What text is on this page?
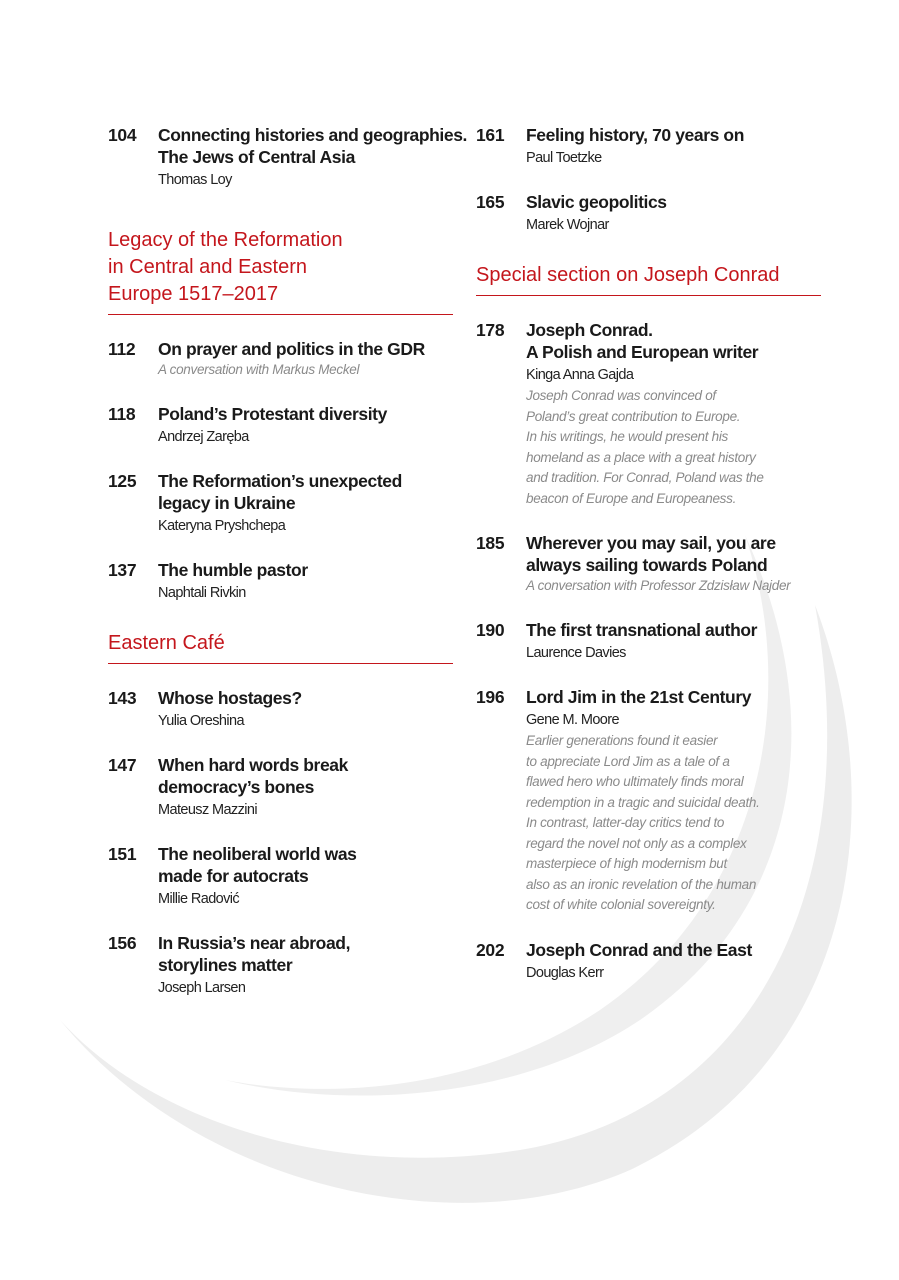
104 Connecting histories and geographies.
The Jews of Central Asia
Thomas Loy
Legacy of the Reformation
in Central and Eastern
Europe 1517–2017
112 On prayer and politics in the GDR
A conversation with Markus Meckel
118 Poland’s Protestant diversity
Andrzej Zaręba
125 The Reformation’s unexpected
legacy in Ukraine
Kateryna Pryshchepa
137 The humble pastor
Naphtali Rivkin
Eastern Café
143 Whose hostages?
Yulia Oreshina
147 When hard words break
democracy’s bones
Mateusz Mazzini
151 The neoliberal world was
made for autocrats
Millie Radović
156 In Russia’s near abroad,
storylines matter
Joseph Larsen
161 Feeling history, 70 years on
Paul Toetzke
165 Slavic geopolitics
Marek Wojnar
Special section on Joseph Conrad
178 Joseph Conrad.
A Polish and European writer
Kinga Anna Gajda
Joseph Conrad was convinced of
Poland’s great contribution to Europe.
In his writings, he would present his
homeland as a place with a great history
and tradition. For Conrad, Poland was the
beacon of Europe and Europeaness.
185 Wherever you may sail, you are
always sailing towards Poland
A conversation with Professor Zdzisław Najder
190 The first transnational author
Laurence Davies
196 Lord Jim in the 21st Century
Gene M. Moore
Earlier generations found it easier
to appreciate Lord Jim as a tale of a
flawed hero who ultimately finds moral
redemption in a tragic and suicidal death.
In contrast, latter-day critics tend to
regard the novel not only as a complex
masterpiece of high modernism but
also as an ironic revelation of the human
cost of white colonial sovereignty.
202 Joseph Conrad and the East
Douglas Kerr
